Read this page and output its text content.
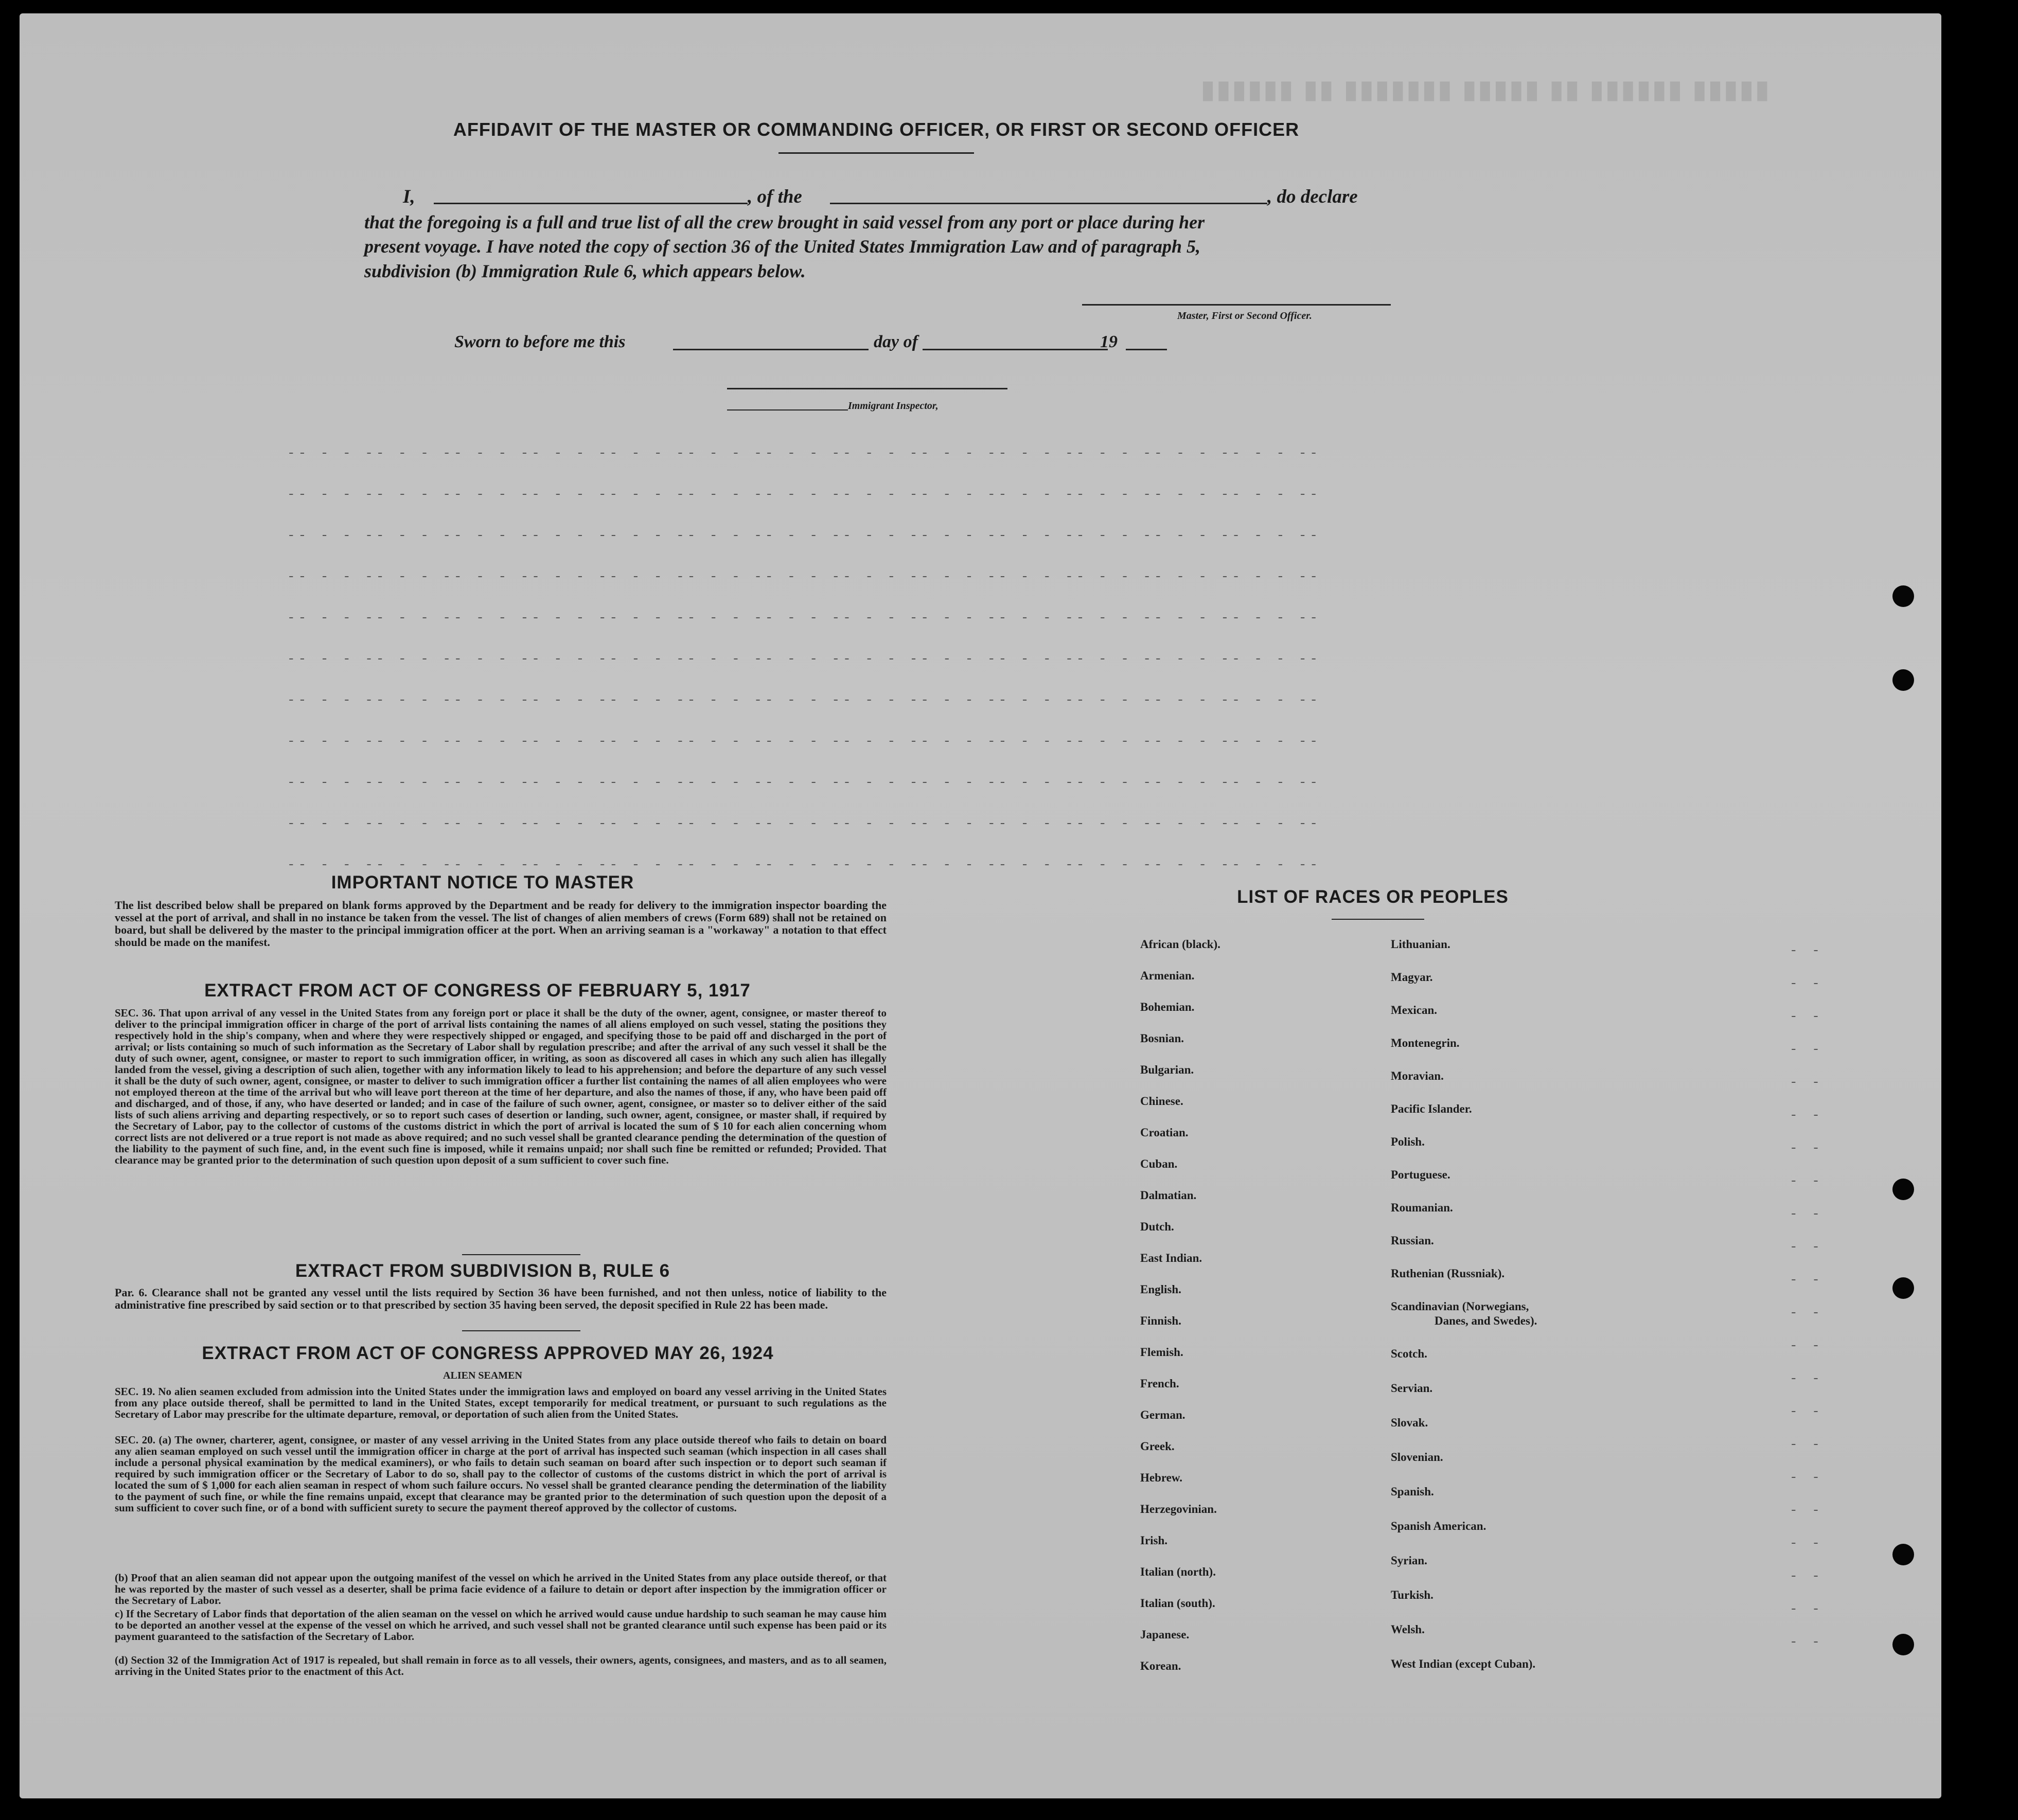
▮▮▮▮▮ ▮▮▮▮▮▮ ▮▮ ▮▮▮▮▮ ▮▮▮▮▮▮▮ ▮▮ ▮▮▮▮▮▮
AFFIDAVIT OF THE MASTER OR COMMANDING OFFICER, OR FIRST OR SECOND OFFICER
I,	, of the	, do declare
that the foregoing is a full and true list of all the crew brought in said vessel from any port or place during her
present voyage. I have noted the copy of section 36 of the United States Immigration Law and of paragraph 5,
subdivision (b) Immigration Rule 6, which appears below.
Master, First or Second Officer.
Sworn to before me this	day of	19
Immigrant Inspector,
-- - - -- - - -- - - -- - - -- - - -- - - -- - - -- - - -- - - -- - - -- - - -- - - -- - - --
-- - - -- - - -- - - -- - - -- - - -- - - -- - - -- - - -- - - -- - - -- - - -- - - -- - - --
-- - - -- - - -- - - -- - - -- - - -- - - -- - - -- - - -- - - -- - - -- - - -- - - -- - - --
-- - - -- - - -- - - -- - - -- - - -- - - -- - - -- - - -- - - -- - - -- - - -- - - -- - - --
-- - - -- - - -- - - -- - - -- - - -- - - -- - - -- - - -- - - -- - - -- - - -- - - -- - - --
-- - - -- - - -- - - -- - - -- - - -- - - -- - - -- - - -- - - -- - - -- - - -- - - -- - - --
-- - - -- - - -- - - -- - - -- - - -- - - -- - - -- - - -- - - -- - - -- - - -- - - -- - - --
-- - - -- - - -- - - -- - - -- - - -- - - -- - - -- - - -- - - -- - - -- - - -- - - -- - - --
-- - - -- - - -- - - -- - - -- - - -- - - -- - - -- - - -- - - -- - - -- - - -- - - -- - - --
-- - - -- - - -- - - -- - - -- - - -- - - -- - - -- - - -- - - -- - - -- - - -- - - -- - - --
-- - - -- - - -- - - -- - - -- - - -- - - -- - - -- - - -- - - -- - - -- - - -- - - -- - - --
IMPORTANT NOTICE TO MASTER
The list described below shall be prepared on blank forms approved by the Department and be ready for delivery to the immigration inspector boarding the vessel at the port of arrival, and shall in no instance be taken from the vessel. The list of changes of alien members of crews (Form 689) shall not be retained on board, but shall be delivered by the master to the principal immigration officer at the port. When an arriving seaman is a "workaway" a notation to that effect should be made on the manifest.
EXTRACT FROM ACT OF CONGRESS OF FEBRUARY 5, 1917
SEC. 36. That upon arrival of any vessel in the United States from any foreign port or place it shall be the duty of the owner, agent, consignee, or master thereof to deliver to the principal immigration officer in charge of the port of arrival lists containing the names of all aliens employed on such vessel, stating the positions they respectively hold in the ship's company, when and where they were respectively shipped or engaged, and specifying those to be paid off and discharged in the port of arrival; or lists containing so much of such information as the Secretary of Labor shall by regulation prescribe; and after the arrival of any such vessel it shall be the duty of such owner, agent, consignee, or master to report to such immigration officer, in writing, as soon as discovered all cases in which any such alien has illegally landed from the vessel, giving a description of such alien, together with any information likely to lead to his apprehension; and before the departure of any such vessel it shall be the duty of such owner, agent, consignee, or master to deliver to such immigration officer a further list containing the names of all alien employees who were not employed thereon at the time of the arrival but who will leave port thereon at the time of her departure, and also the names of those, if any, who have been paid off and discharged, and of those, if any, who have deserted or landed; and in case of the failure of such owner, agent, consignee, or master so to deliver either of the said lists of such aliens arriving and departing respectively, or so to report such cases of desertion or landing, such owner, agent, consignee, or master shall, if required by the Secretary of Labor, pay to the collector of customs of the customs district in which the port of arrival is located the sum of $ 10 for each alien concerning whom correct lists are not delivered or a true report is not made as above required; and no such vessel shall be granted clearance pending the determination of the question of the liability to the payment of such fine, and, in the event such fine is imposed, while it remains unpaid; nor shall such fine be remitted or refunded; Provided. That clearance may be granted prior to the determination of such question upon deposit of a sum sufficient to cover such fine.
EXTRACT FROM SUBDIVISION B, RULE 6
Par. 6. Clearance shall not be granted any vessel until the lists required by Section 36 have been furnished, and not then unless, notice of liability to the administrative fine prescribed by said section or to that prescribed by section 35 having been served, the deposit specified in Rule 22 has been made.
EXTRACT FROM ACT OF CONGRESS APPROVED MAY 26, 1924
ALIEN SEAMEN
SEC. 19. No alien seamen excluded from admission into the United States under the immigration laws and employed on board any vessel arriving in the United States from any place outside thereof, shall be permitted to land in the United States, except temporarily for medical treatment, or pursuant to such regulations as the Secretary of Labor may prescribe for the ultimate departure, removal, or deportation of such alien from the United States.
SEC. 20. (a) The owner, charterer, agent, consignee, or master of any vessel arriving in the United States from any place outside thereof who fails to detain on board any alien seaman employed on such vessel until the immigration officer in charge at the port of arrival has inspected such seaman (which inspection in all cases shall include a personal physical examination by the medical examiners), or who fails to detain such seaman on board after such inspection or to deport such seaman if required by such immigration officer or the Secretary of Labor to do so, shall pay to the collector of customs of the customs district in which the port of arrival is located the sum of $ 1,000 for each alien seaman in respect of whom such failure occurs. No vessel shall be granted clearance pending the determination of the liability to the payment of such fine, or while the fine remains unpaid, except that clearance may be granted prior to the determination of such question upon the deposit of a sum sufficient to cover such fine, or of a bond with sufficient surety to secure the payment thereof approved by the collector of customs.
(b) Proof that an alien seaman did not appear upon the outgoing manifest of the vessel on which he arrived in the United States from any place outside thereof, or that he was reported by the master of such vessel as a deserter, shall be prima facie evidence of a failure to detain or deport after inspection by the immigration officer or the Secretary of Labor.
c) If the Secretary of Labor finds that deportation of the alien seaman on the vessel on which he arrived would cause undue hardship to such seaman he may cause him to be deported an another vessel at the expense of the vessel on which he arrived, and such vessel shall not be granted clearance until such expense has been paid or its payment guaranteed to the satisfaction of the Secretary of Labor.
(d) Section 32 of the Immigration Act of 1917 is repealed, but shall remain in force as to all vessels, their owners, agents, consignees, and masters, and as to all seamen, arriving in the United States prior to the enactment of this Act.
LIST OF RACES OR PEOPLES
African (black).
Armenian.
Bohemian.
Bosnian.
Bulgarian.
Chinese.
Croatian.
Cuban.
Dalmatian.
Dutch.
East Indian.
English.
Finnish.
Flemish.
French.
German.
Greek.
Hebrew.
Herzegovinian.
Irish.
Italian (north).
Italian (south).
Japanese.
Korean.
Lithuanian.
Magyar.
Mexican.
Montenegrin.
Moravian.
Pacific Islander.
Polish.
Portuguese.
Roumanian.
Russian.
Ruthenian (Russniak).
Scandinavian (Norwegians,
Danes, and Swedes).
Scotch.
Servian.
Slovak.
Slovenian.
Spanish.
Spanish American.
Syrian.
Turkish.
Welsh.
West Indian (except Cuban).
- -
- -
- -
- -
- -
- -
- -
- -
- -
- -
- -
- -
- -
- -
- -
- -
- -
- -
- -
- -
- -
- -
